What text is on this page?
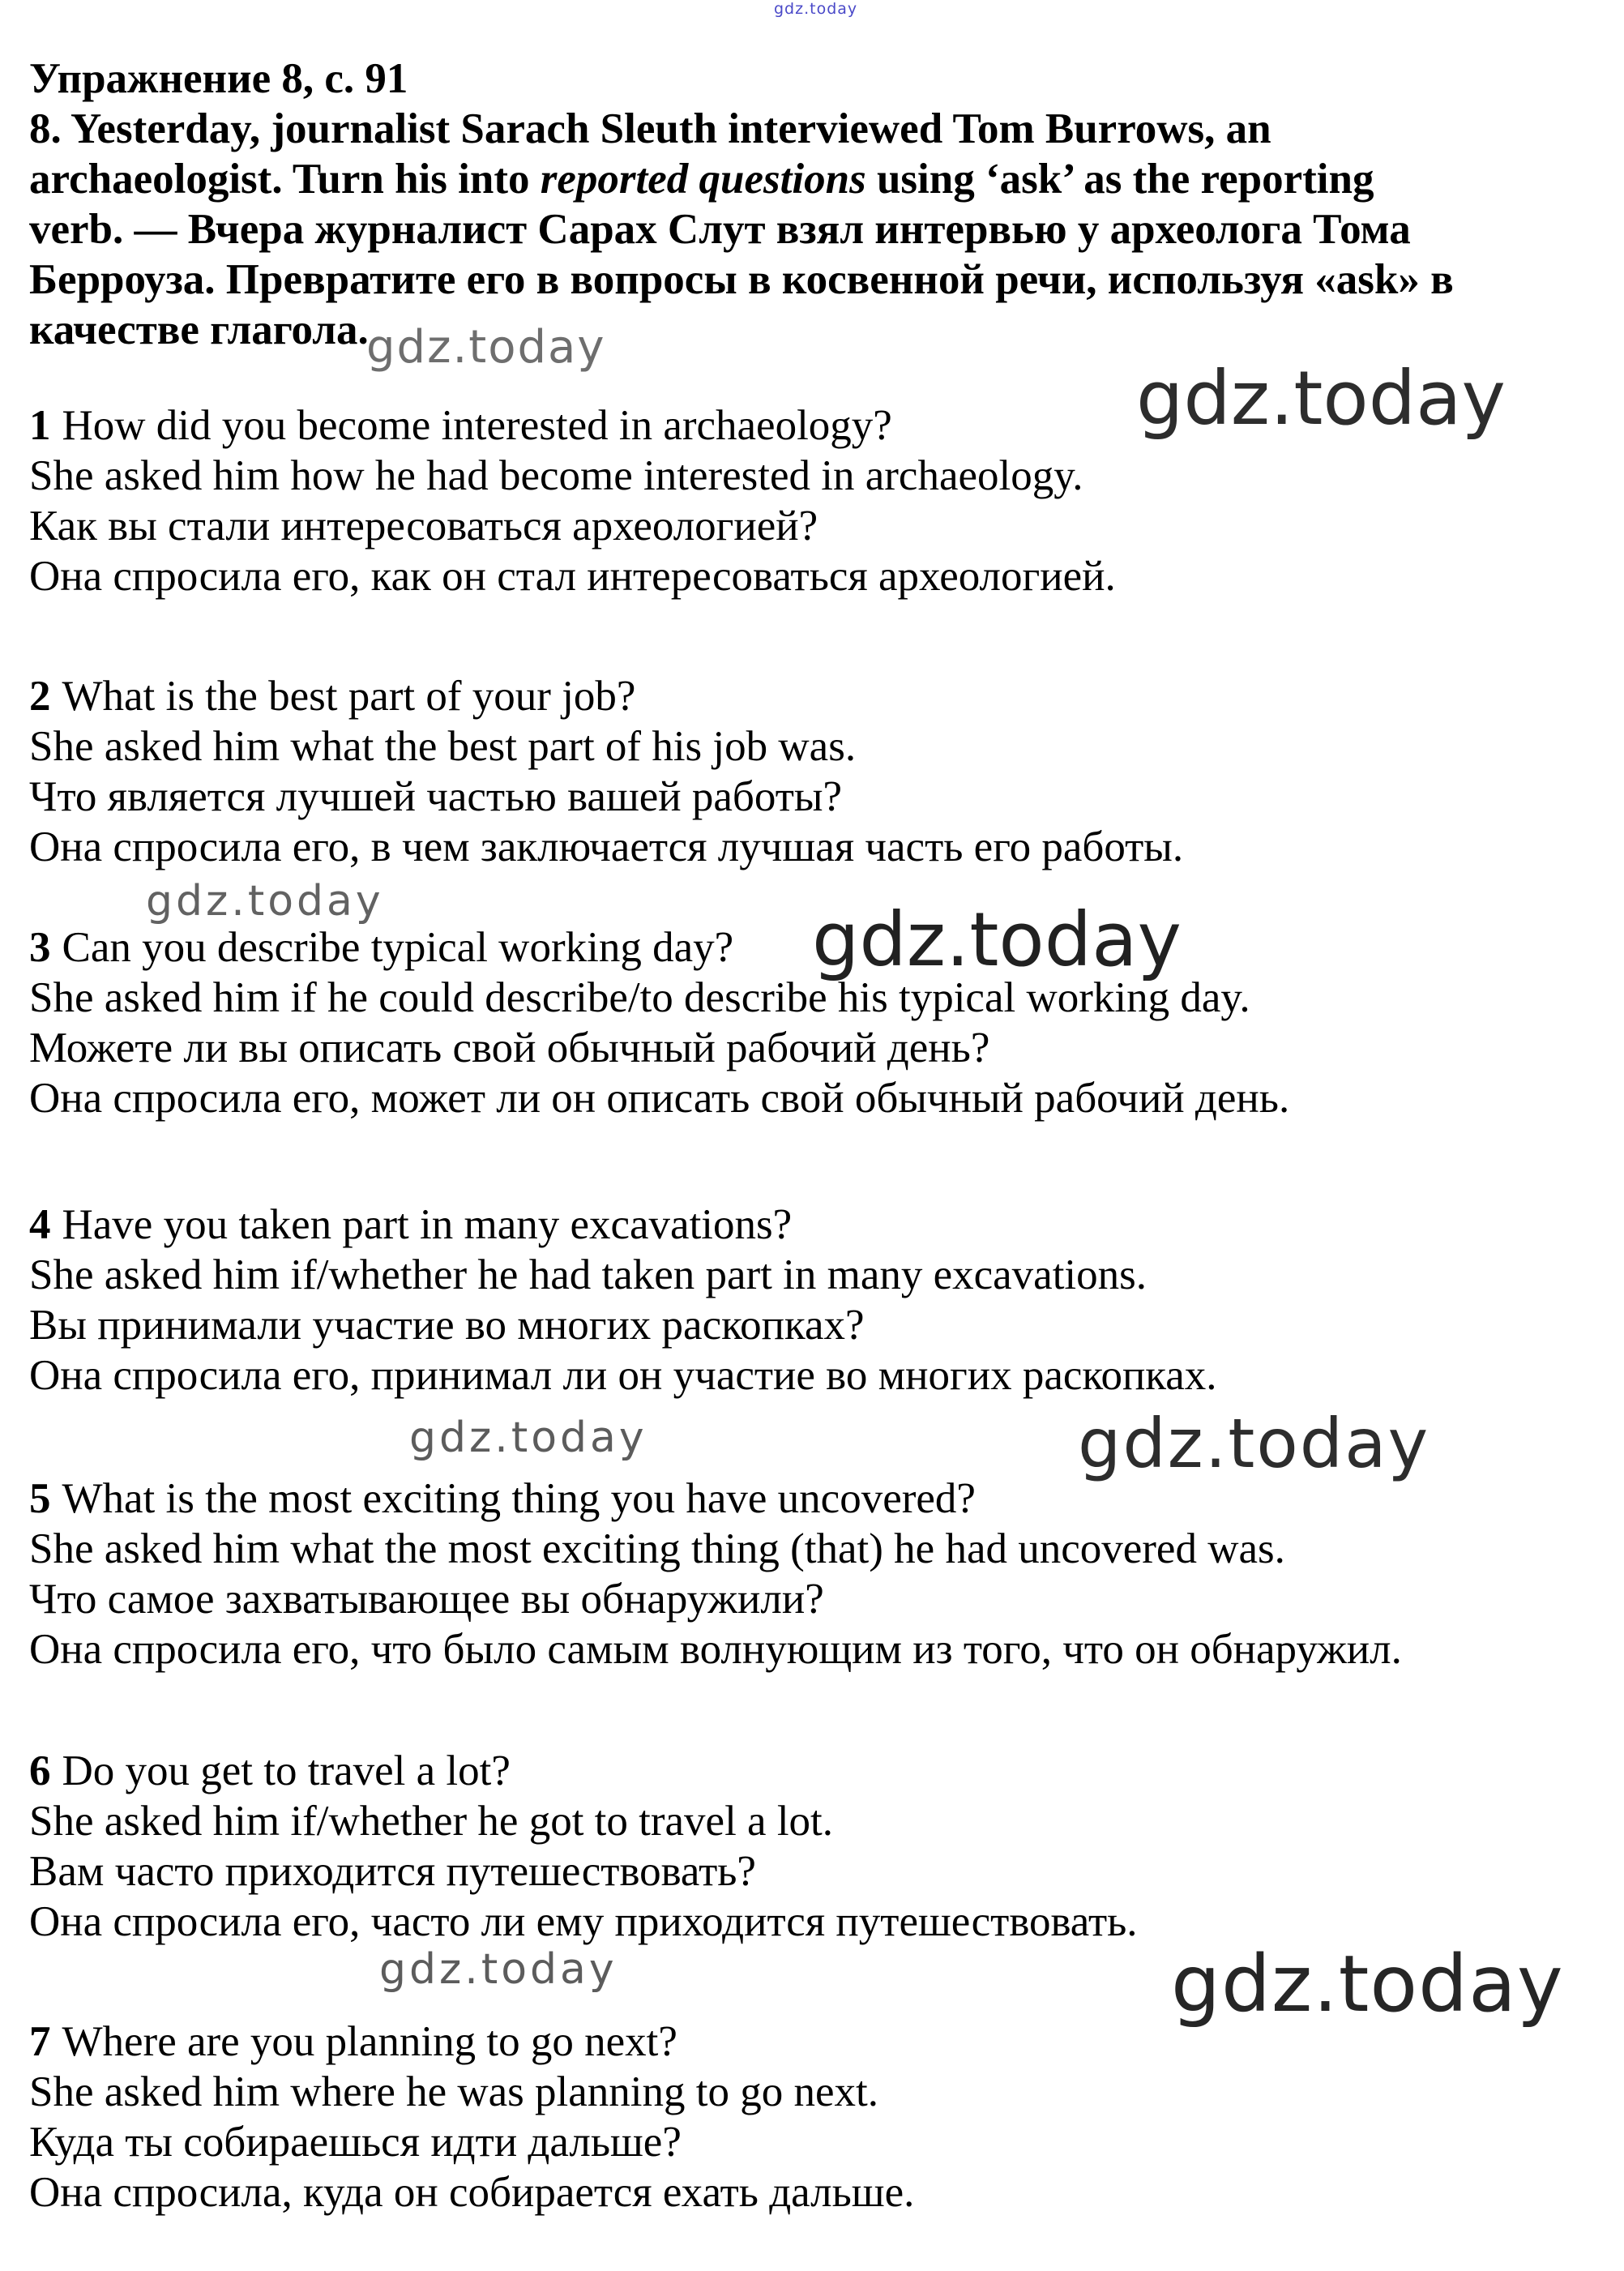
gdz.today
gdz.today
gdz.today
gdz.today	gdz.today
gdz.today	gdz.today
gdz.today	gdz.today
Упражнение 8, с. 91
8. Yesterday, journalist Sarach Sleuth interviewed Tom Burrows, an
archaeologist. Turn his into reported questions using ‘ask’ as the reporting
verb. — Вчера журналист Сарах Слут взял интервью у археолога Тома
Берроуза. Превратите его в вопросы в косвенной речи, используя «ask» в
качестве глагола.
1 How did you become interested in archaeology?
She asked him how he had become interested in archaeology.
Как вы стали интересоваться археологией?
Она спросила его, как он стал интересоваться археологией.
2 What is the best part of your job?
She asked him what the best part of his job was.
Что является лучшей частью вашей работы?
Она спросила его, в чем заключается лучшая часть его работы.
3 Can you describe typical working day?
She asked him if he could describe/to describe his typical working day.
Можете ли вы описать свой обычный рабочий день?
Она спросила его, может ли он описать свой обычный рабочий день.
4 Have you taken part in many excavations?
She asked him if/whether he had taken part in many excavations.
Вы принимали участие во многих раскопках?
Она спросила его, принимал ли он участие во многих раскопках.
5 What is the most exciting thing you have uncovered?
She asked him what the most exciting thing (that) he had uncovered was.
Что самое захватывающее вы обнаружили?
Она спросила его, что было самым волнующим из того, что он обнаружил.
6 Do you get to travel a lot?
She asked him if/whether he got to travel a lot.
Вам часто приходится путешествовать?
Она спросила его, часто ли ему приходится путешествовать.
7 Where are you planning to go next?
She asked him where he was planning to go next.
Куда ты собираешься идти дальше?
Она спросила, куда он собирается ехать дальше.
